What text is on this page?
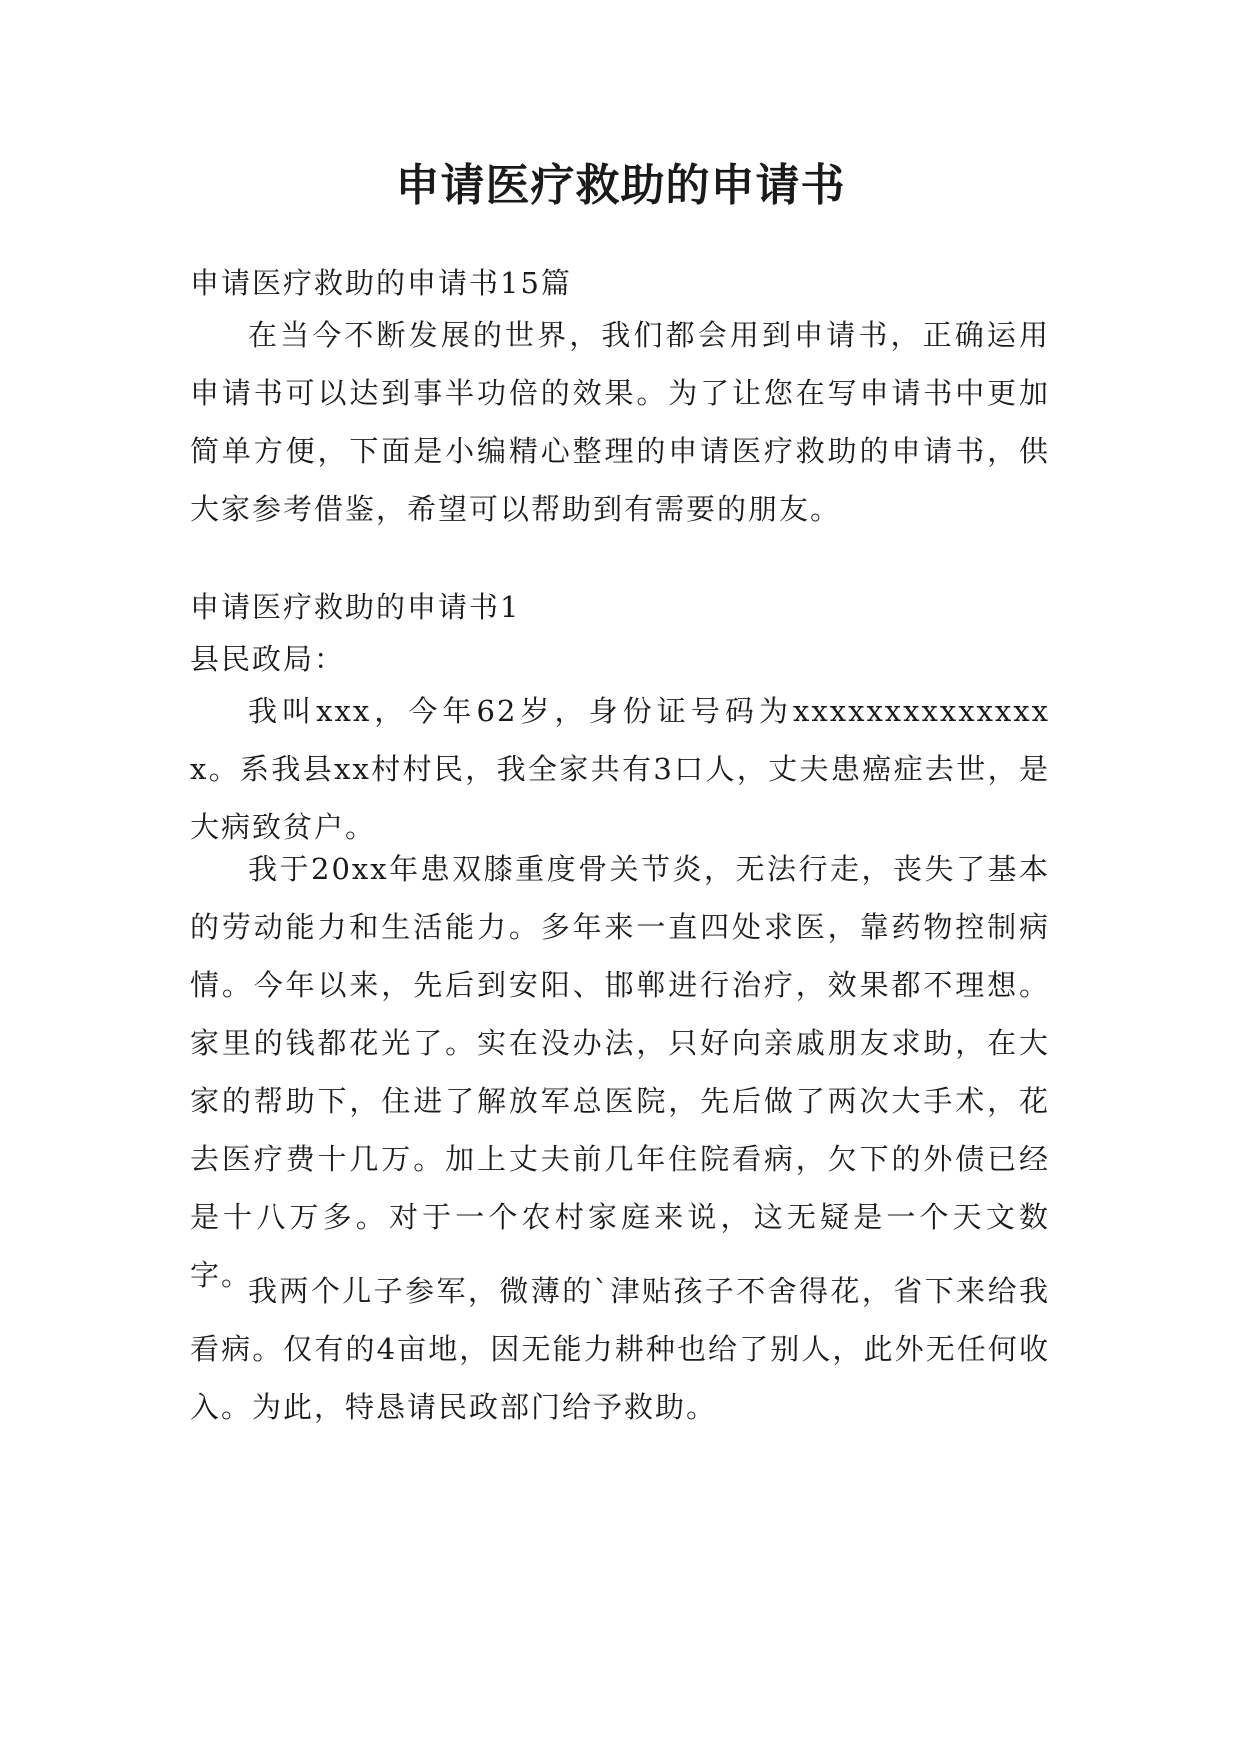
申请医疗救助的申请书
申请医疗救助的申请书15篇

在当今不断发展的世界，我们都会用到申请书，正确运用申请书可以达到事半功倍的效果。为了让您在写申请书中更加简单方便，下面是小编精心整理的申请医疗救助的申请书，供大家参考借鉴，希望可以帮助到有需要的朋友。

申请医疗救助的申请书1
县民政局：

我叫xxx，今年62岁，身份证号码为xxxxxxxxxxxxxxx。系我县xx村村民，我全家共有3口人，丈夫患癌症去世，是大病致贫户。

我于20xx年患双膝重度骨关节炎，无法行走，丧失了基本的劳动能力和生活能力。多年来一直四处求医，靠药物控制病情。今年以来，先后到安阳、邯郸进行治疗，效果都不理想。家里的钱都花光了。实在没办法，只好向亲戚朋友求助，在大家的帮助下，住进了解放军总医院，先后做了两次大手术，花去医疗费十几万。加上丈夫前几年住院看病，欠下的外债已经是十八万多。对于一个农村家庭来说，这无疑是一个天文数字。

我两个儿子参军，微薄的`津贴孩子不舍得花，省下来给我看病。仅有的4亩地，因无能力耕种也给了别人，此外无任何收入。为此，特恳请民政部门给予救助。
